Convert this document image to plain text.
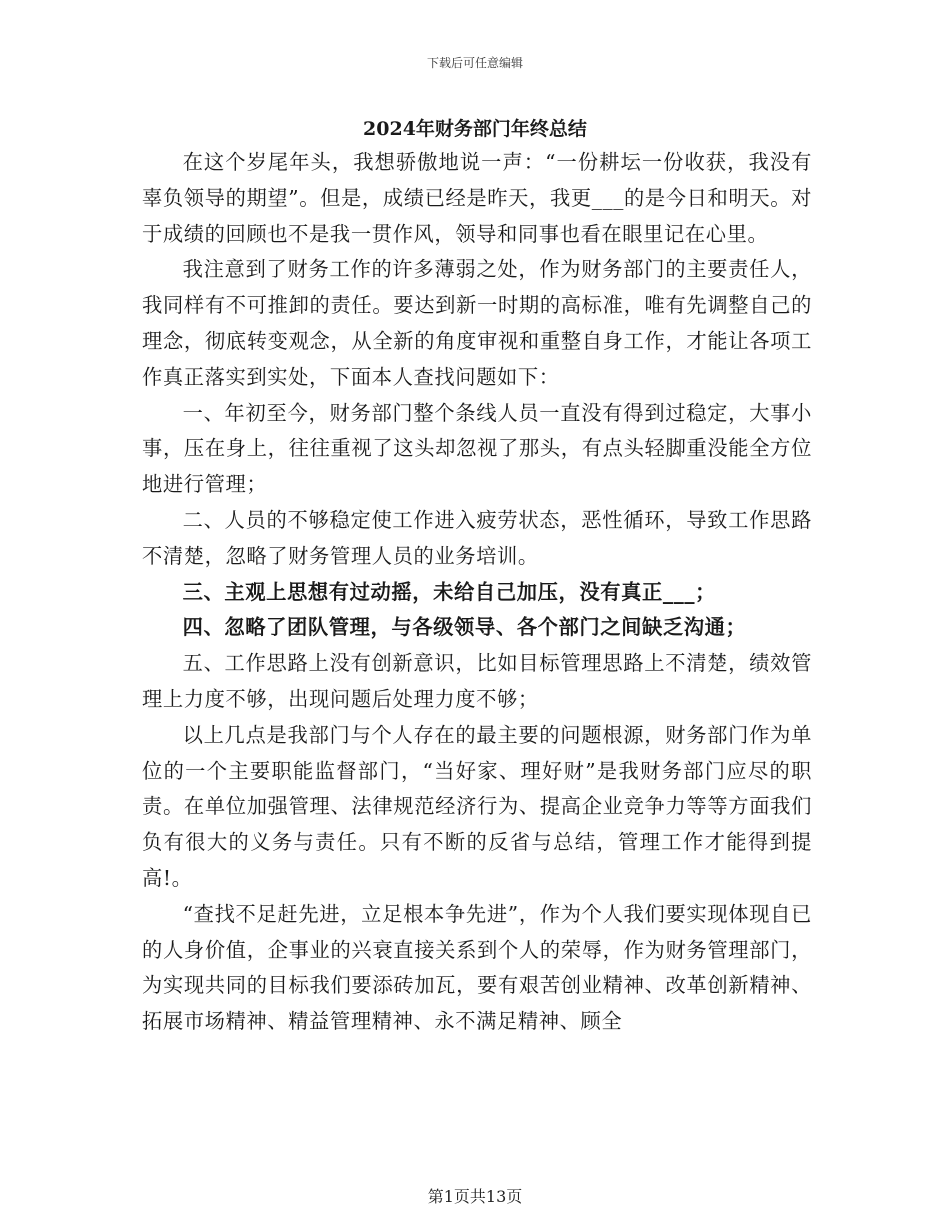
下载后可任意编辑
2024年财务部门年终总结

在这个岁尾年头，我想骄傲地说一声：“一份耕坛一份收获，我没有辜负领导的期望”。但是，成绩已经是昨天，我更___的是今日和明天。对于成绩的回顾也不是我一贯作风，领导和同事也看在眼里记在心里。

我注意到了财务工作的许多薄弱之处，作为财务部门的主要责任人，我同样有不可推卸的责任。要达到新一时期的高标准，唯有先调整自己的理念，彻底转变观念，从全新的角度审视和重整自身工作，才能让各项工作真正落实到实处，下面本人查找问题如下：

一、年初至今，财务部门整个条线人员一直没有得到过稳定，大事小事，压在身上，往往重视了这头却忽视了那头，有点头轻脚重没能全方位地进行管理；

二、人员的不够稳定使工作进入疲劳状态，恶性循环，导致工作思路不清楚，忽略了财务管理人员的业务培训。

三、主观上思想有过动摇，未给自己加压，没有真正___；

四、忽略了团队管理，与各级领导、各个部门之间缺乏沟通；

五、工作思路上没有创新意识，比如目标管理思路上不清楚，绩效管理上力度不够，出现问题后处理力度不够；

以上几点是我部门与个人存在的最主要的问题根源，财务部门作为单位的一个主要职能监督部门，“当好家、理好财”是我财务部门应尽的职责。在单位加强管理、法律规范经济行为、提高企业竞争力等等方面我们负有很大的义务与责任。只有不断的反省与总结，管理工作才能得到提高!。

“查找不足赶先进，立足根本争先进”，作为个人我们要实现体现自已的人身价值，企事业的兴衰直接关系到个人的荣辱，作为财务管理部门，为实现共同的目标我们要添砖加瓦，要有艰苦创业精神、改革创新精神、拓展市场精神、精益管理精神、永不满足精神、顾全

第1页共13页
